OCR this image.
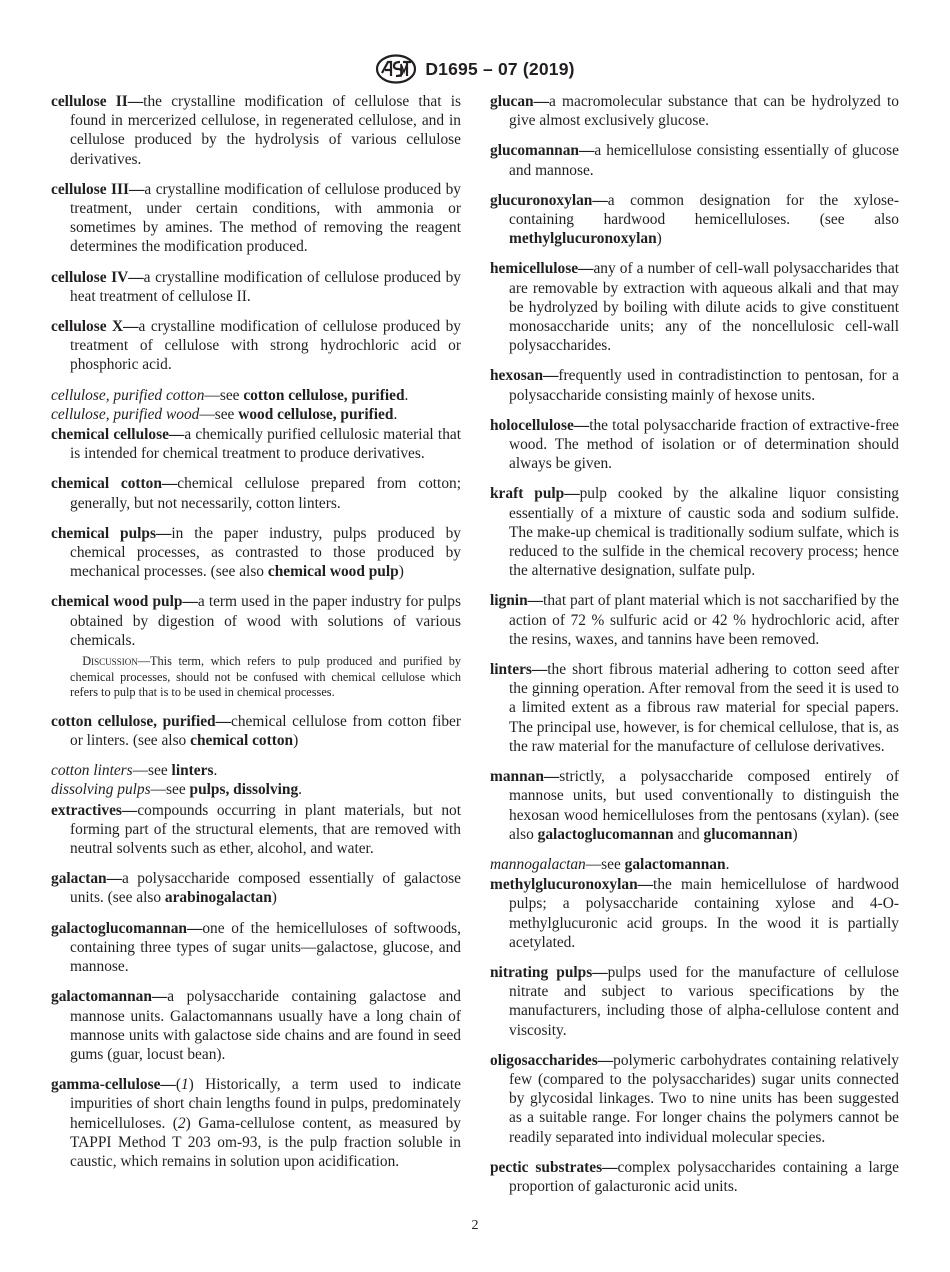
D1695 – 07 (2019)

cellulose II—the crystalline modification of cellulose that is found in mercerized cellulose, in regenerated cellulose, and in cellulose produced by the hydrolysis of various cellulose derivatives.

cellulose III—a crystalline modification of cellulose produced by treatment, under certain conditions, with ammonia or sometimes by amines. The method of removing the reagent determines the modification produced.

cellulose IV—a crystalline modification of cellulose produced by heat treatment of cellulose II.

cellulose X—a crystalline modification of cellulose produced by treatment of cellulose with strong hydrochloric acid or phosphoric acid.

cellulose, purified cotton—see cotton cellulose, purified.

cellulose, purified wood—see wood cellulose, purified.

chemical cellulose—a chemically purified cellulosic material that is intended for chemical treatment to produce derivatives.

chemical cotton—chemical cellulose prepared from cotton; generally, but not necessarily, cotton linters.

chemical pulps—in the paper industry, pulps produced by chemical processes, as contrasted to those produced by mechanical processes. (see also chemical wood pulp)

chemical wood pulp—a term used in the paper industry for pulps obtained by digestion of wood with solutions of various chemicals.

 Discussion—This term, which refers to pulp produced and purified by chemical processes, should not be confused with chemical cellulose which refers to pulp that is to be used in chemical processes.

cotton cellulose, purified—chemical cellulose from cotton fiber or linters. (see also chemical cotton)

cotton linters—see linters.

dissolving pulps—see pulps, dissolving.

extractives—compounds occurring in plant materials, but not forming part of the structural elements, that are removed with neutral solvents such as ether, alcohol, and water.

galactan—a polysaccharide composed essentially of galactose units. (see also arabinogalactan)

galactoglucomannan—one of the hemicelluloses of softwoods, containing three types of sugar units—galactose, glucose, and mannose.

galactomannan—a polysaccharide containing galactose and mannose units. Galactomannans usually have a long chain of mannose units with galactose side chains and are found in seed gums (guar, locust bean).

gamma-cellulose—(1) Historically, a term used to indicate impurities of short chain lengths found in pulps, predominately hemicelluloses. (2) Gama-cellulose content, as measured by TAPPI Method T 203 om-93, is the pulp fraction soluble in caustic, which remains in solution upon acidification.

glucan—a macromolecular substance that can be hydrolyzed to give almost exclusively glucose.

glucomannan—a hemicellulose consisting essentially of glucose and mannose.

glucuronoxylan—a common designation for the xylose-containing hardwood hemicelluloses. (see also methylglucuronoxylan)

hemicellulose—any of a number of cell-wall polysaccharides that are removable by extraction with aqueous alkali and that may be hydrolyzed by boiling with dilute acids to give constituent monosaccharide units; any of the noncellulosic cell-wall polysaccharides.

hexosan—frequently used in contradistinction to pentosan, for a polysaccharide consisting mainly of hexose units.

holocellulose—the total polysaccharide fraction of extractive-free wood. The method of isolation or of determination should always be given.

kraft pulp—pulp cooked by the alkaline liquor consisting essentially of a mixture of caustic soda and sodium sulfide. The make-up chemical is traditionally sodium sulfate, which is reduced to the sulfide in the chemical recovery process; hence the alternative designation, sulfate pulp.

lignin—that part of plant material which is not saccharified by the action of 72 % sulfuric acid or 42 % hydrochloric acid, after the resins, waxes, and tannins have been removed.

linters—the short fibrous material adhering to cotton seed after the ginning operation. After removal from the seed it is used to a limited extent as a fibrous raw material for special papers. The principal use, however, is for chemical cellulose, that is, as the raw material for the manufacture of cellulose derivatives.

mannan—strictly, a polysaccharide composed entirely of mannose units, but used conventionally to distinguish the hexosan wood hemicelluloses from the pentosans (xylan). (see also galactoglucomannan and glucomannan)

mannogalactan—see galactomannan.

methylglucuronoxylan—the main hemicellulose of hardwood pulps; a polysaccharide containing xylose and 4-O-methylglucuronic acid groups. In the wood it is partially acetylated.

nitrating pulps—pulps used for the manufacture of cellulose nitrate and subject to various specifications by the manufacturers, including those of alpha-cellulose content and viscosity.

oligosaccharides—polymeric carbohydrates containing relatively few (compared to the polysaccharides) sugar units connected by glycosidal linkages. Two to nine units has been suggested as a suitable range. For longer chains the polymers cannot be readily separated into individual molecular species.

pectic substrates—complex polysaccharides containing a large proportion of galacturonic acid units.

2
